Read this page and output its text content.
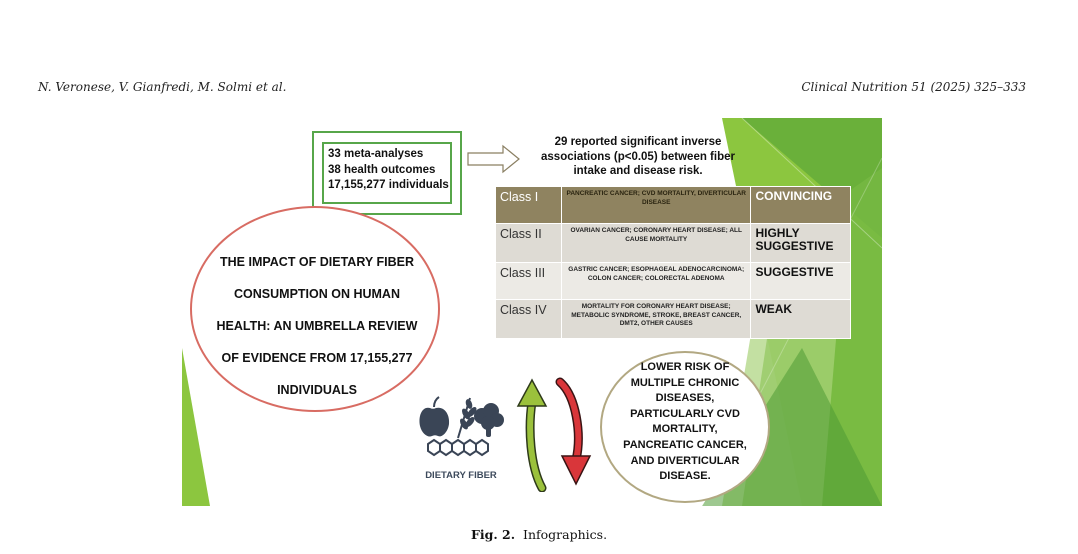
N. Veronese, V. Gianfredi, M. Solmi et al.	Clinical Nutrition 51 (2025) 325–333
33 meta-analyses
38 health outcomes
17,155,277 individuals
29 reported significant inverse associations (p<0.05) between fiber intake and disease risk.
Class I	PANCREATIC CANCER; CVD MORTALITY, DIVERTICULAR DISEASE	CONVINCING
Class II	OVARIAN CANCER; CORONARY HEART DISEASE; ALL CAUSE MORTALITY	HIGHLY SUGGESTIVE
Class III	GASTRIC CANCER; ESOPHAGEAL ADENOCARCINOMA; COLON CANCER; COLORECTAL ADENOMA	SUGGESTIVE
Class IV	MORTALITY FOR CORONARY HEART DISEASE; METABOLIC SYNDROME, STROKE, BREAST CANCER, DMT2, OTHER CAUSES	WEAK
THE IMPACT OF DIETARY FIBER
CONSUMPTION ON HUMAN
HEALTH: AN UMBRELLA REVIEW
OF EVIDENCE FROM 17,155,277
INDIVIDUALS
DIETARY FIBER
LOWER RISK OF
MULTIPLE CHRONIC
DISEASES,
PARTICULARLY CVD
MORTALITY,
PANCREATIC CANCER,
AND DIVERTICULAR
DISEASE.
Fig. 2. Infographics.
